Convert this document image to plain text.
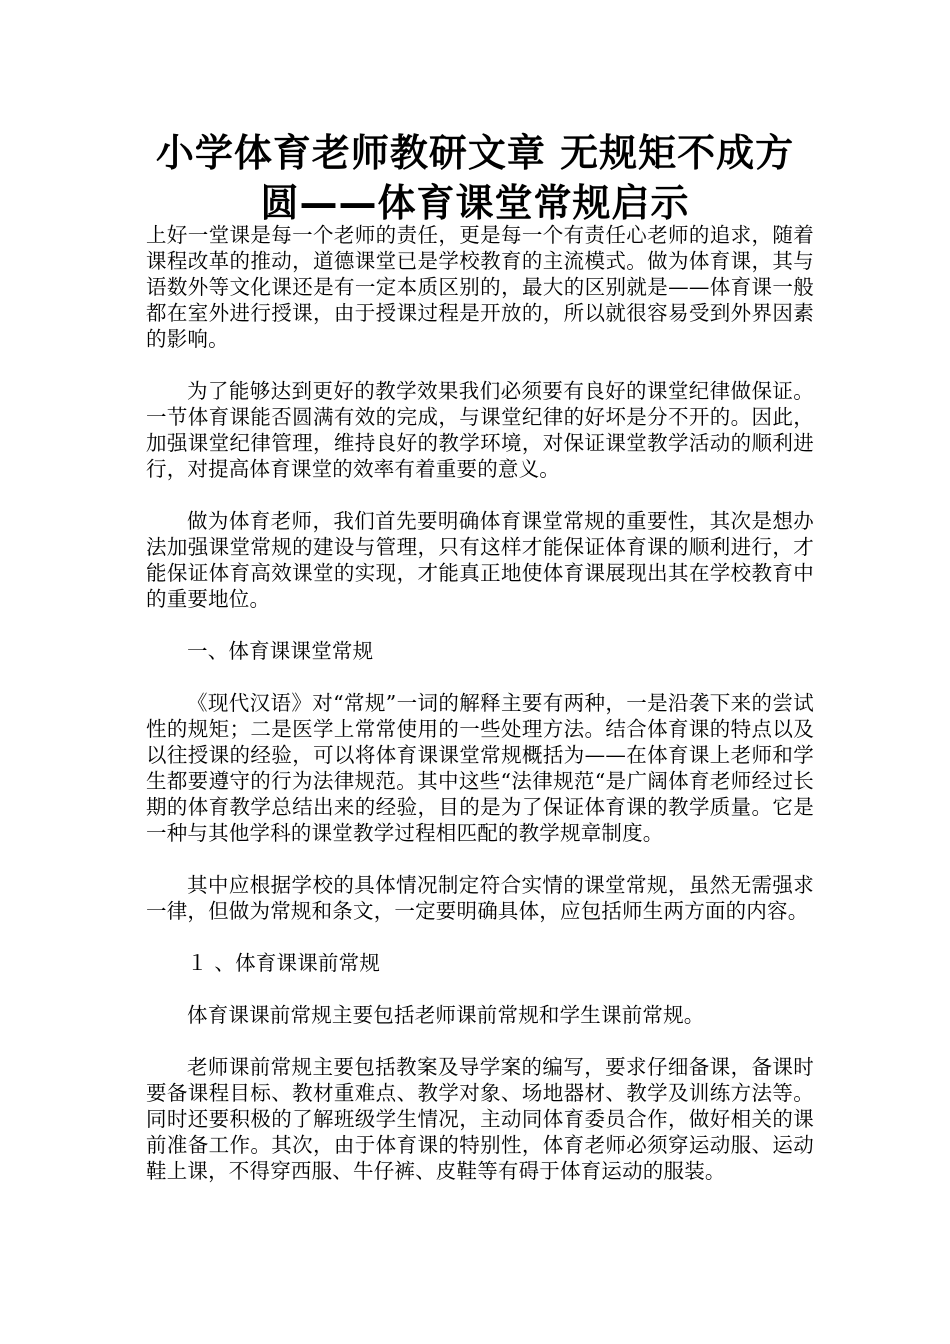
小学体育老师教研文章 无规矩不成方
圆——体育课堂常规启示

上好一堂课是每一个老师的责任，更是每一个有责任心老师的追求，随着课程改革的推动，道德课堂已是学校教育的主流模式。做为体育课，其与语数外等文化课还是有一定本质区别的，最大的区别就是——体育课一般都在室外进行授课，由于授课过程是开放的，所以就很容易受到外界因素的影响。

为了能够达到更好的教学效果我们必须要有良好的课堂纪律做保证。一节体育课能否圆满有效的完成，与课堂纪律的好坏是分不开的。因此，加强课堂纪律管理，维持良好的教学环境，对保证课堂教学活动的顺利进行，对提高体育课堂的效率有着重要的意义。

做为体育老师，我们首先要明确体育课堂常规的重要性，其次是想办法加强课堂常规的建设与管理，只有这样才能保证体育课的顺利进行，才能保证体育高效课堂的实现，才能真正地使体育课展现出其在学校教育中的重要地位。

一、体育课课堂常规

《现代汉语》对“常规”一词的解释主要有两种，一是沿袭下来的尝试性的规矩；二是医学上常常使用的一些处理方法。结合体育课的特点以及以往授课的经验，可以将体育课课堂常规概括为——在体育课上老师和学生都要遵守的行为法律规范。其中这些“法律规范“是广阔体育老师经过长期的体育教学总结出来的经验，目的是为了保证体育课的教学质量。它是一种与其他学科的课堂教学过程相匹配的教学规章制度。

其中应根据学校的具体情况制定符合实情的课堂常规，虽然无需强求一律，但做为常规和条文，一定要明确具体，应包括师生两方面的内容。

１ 、体育课课前常规

体育课课前常规主要包括老师课前常规和学生课前常规。

老师课前常规主要包括教案及导学案的编写，要求仔细备课，备课时要备课程目标、教材重难点、教学对象、场地器材、教学及训练方法等。同时还要积极的了解班级学生情况，主动同体育委员合作，做好相关的课前准备工作。其次，由于体育课的特别性，体育老师必须穿运动服、运动鞋上课，不得穿西服、牛仔裤、皮鞋等有碍于体育运动的服装。
